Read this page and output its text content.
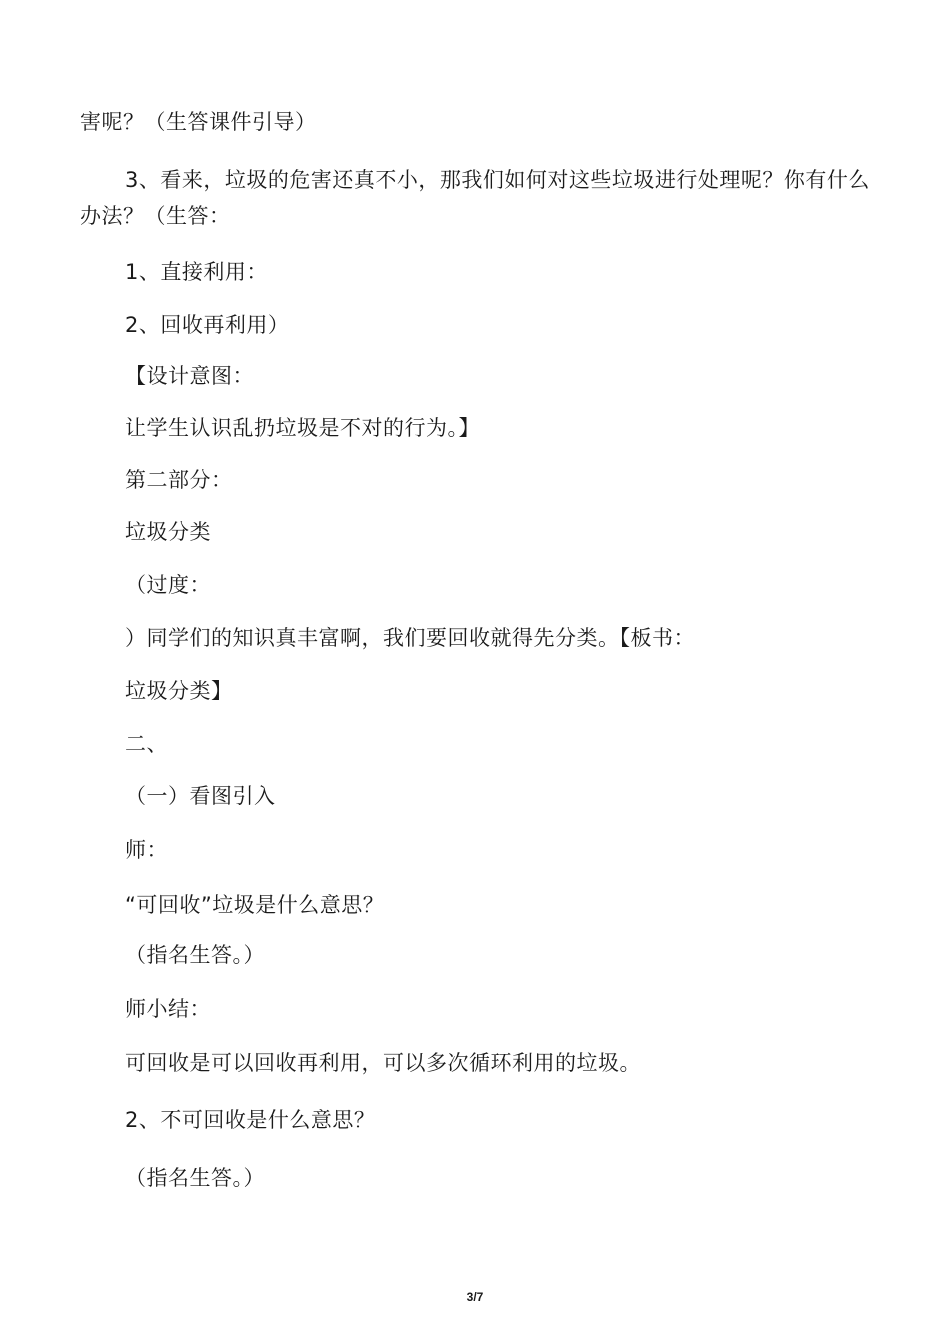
害呢？（生答课件引导）
3、看来，垃圾的危害还真不小，那我们如何对这些垃圾进行处理呢？你有什么办法？（生答：
1、直接利用：
2、回收再利用）
【设计意图：
让学生认识乱扔垃圾是不对的行为。】
第二部分：
垃圾分类
（过度：
）同学们的知识真丰富啊，我们要回收就得先分类。【板书：
垃圾分类】
二、
（一）看图引入
师：
“可回收”垃圾是什么意思？
（指名生答。）
师小结：
可回收是可以回收再利用，可以多次循环利用的垃圾。
2、不可回收是什么意思？
（指名生答。）
3/7
